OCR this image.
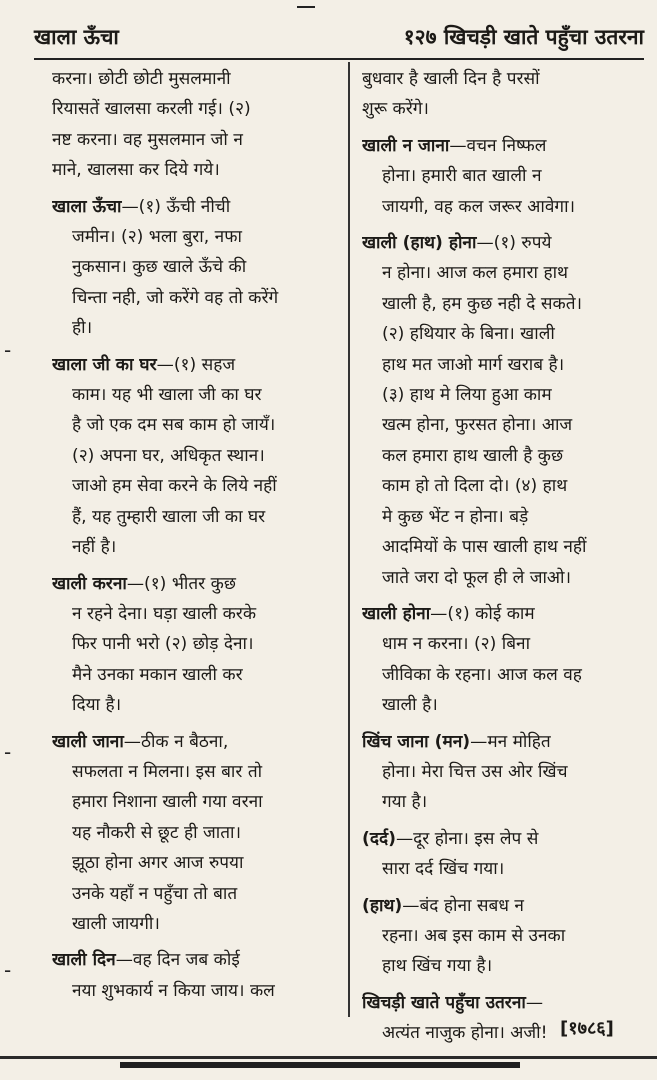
खाला ऊँचा	१२७ खिचड़ी खाते पहुँचा उतरना
करना। छोटी छोटी मुसलमानी
रियासतें खालसा करली गई। (२)
नष्ट करना। वह मुसलमान जो न
माने, खालसा कर दिये गये।
खाला ऊँचा—(१) ऊँची नीची
जमीन। (२) भला बुरा, नफा
नुकसान। कुछ खाले ऊँचे की
चिन्ता नही, जो करेंगे वह तो करेंगे
ही।
खाला जी का घर—(१) सहज
काम। यह भी खाला जी का घर
है जो एक दम सब काम हो जायँ।
(२) अपना घर, अधिकृत स्थान।
जाओ हम सेवा करने के लिये नहीं
हैं, यह तुम्हारी खाला जी का घर
नहीं है।
खाली करना—(१) भीतर कुछ
न रहने देना। घड़ा खाली करके
फिर पानी भरो (२) छोड़ देना।
मैने उनका मकान खाली कर
दिया है।
खाली जाना—ठीक न बैठना,
सफलता न मिलना। इस बार तो
हमारा निशाना खाली गया वरना
यह नौकरी से छूट ही जाता।
झूठा होना अगर आज रुपया
उनके यहाँ न पहुँचा तो बात
खाली जायगी।
खाली दिन—वह दिन जब कोई
नया शुभकार्य न किया जाय। कल
बुधवार है खाली दिन है परसों
शुरू करेंगे।
खाली न जाना—वचन निष्फल
होना। हमारी बात खाली न
जायगी, वह कल जरूर आवेगा।
खाली (हाथ) होना—(१) रुपये
न होना। आज कल हमारा हाथ
खाली है, हम कुछ नही दे सकते।
(२) हथियार के बिना। खाली
हाथ मत जाओ मार्ग खराब है।
(३) हाथ मे लिया हुआ काम
खत्म होना, फुरसत होना। आज
कल हमारा हाथ खाली है कुछ
काम हो तो दिला दो। (४) हाथ
मे कुछ भेंट न होना। बड़े
आदमियों के पास खाली हाथ नहीं
जाते जरा दो फूल ही ले जाओ।
खाली होना—(१) कोई काम
धाम न करना। (२) बिना
जीविका के रहना। आज कल वह
खाली है।
खिंच जाना (मन)—मन मोहित
होना। मेरा चित्त उस ओर खिंच
गया है।
(दर्द)—दूर होना। इस लेप से
सारा दर्द खिंच गया।
(हाथ)—बंद होना सबध न
रहना। अब इस काम से उनका
हाथ खिंच गया है।
खिचड़ी खाते पहुँचा उतरना—
अत्यंत नाजुक होना। अजी!
-
-
-
[१७८६]
